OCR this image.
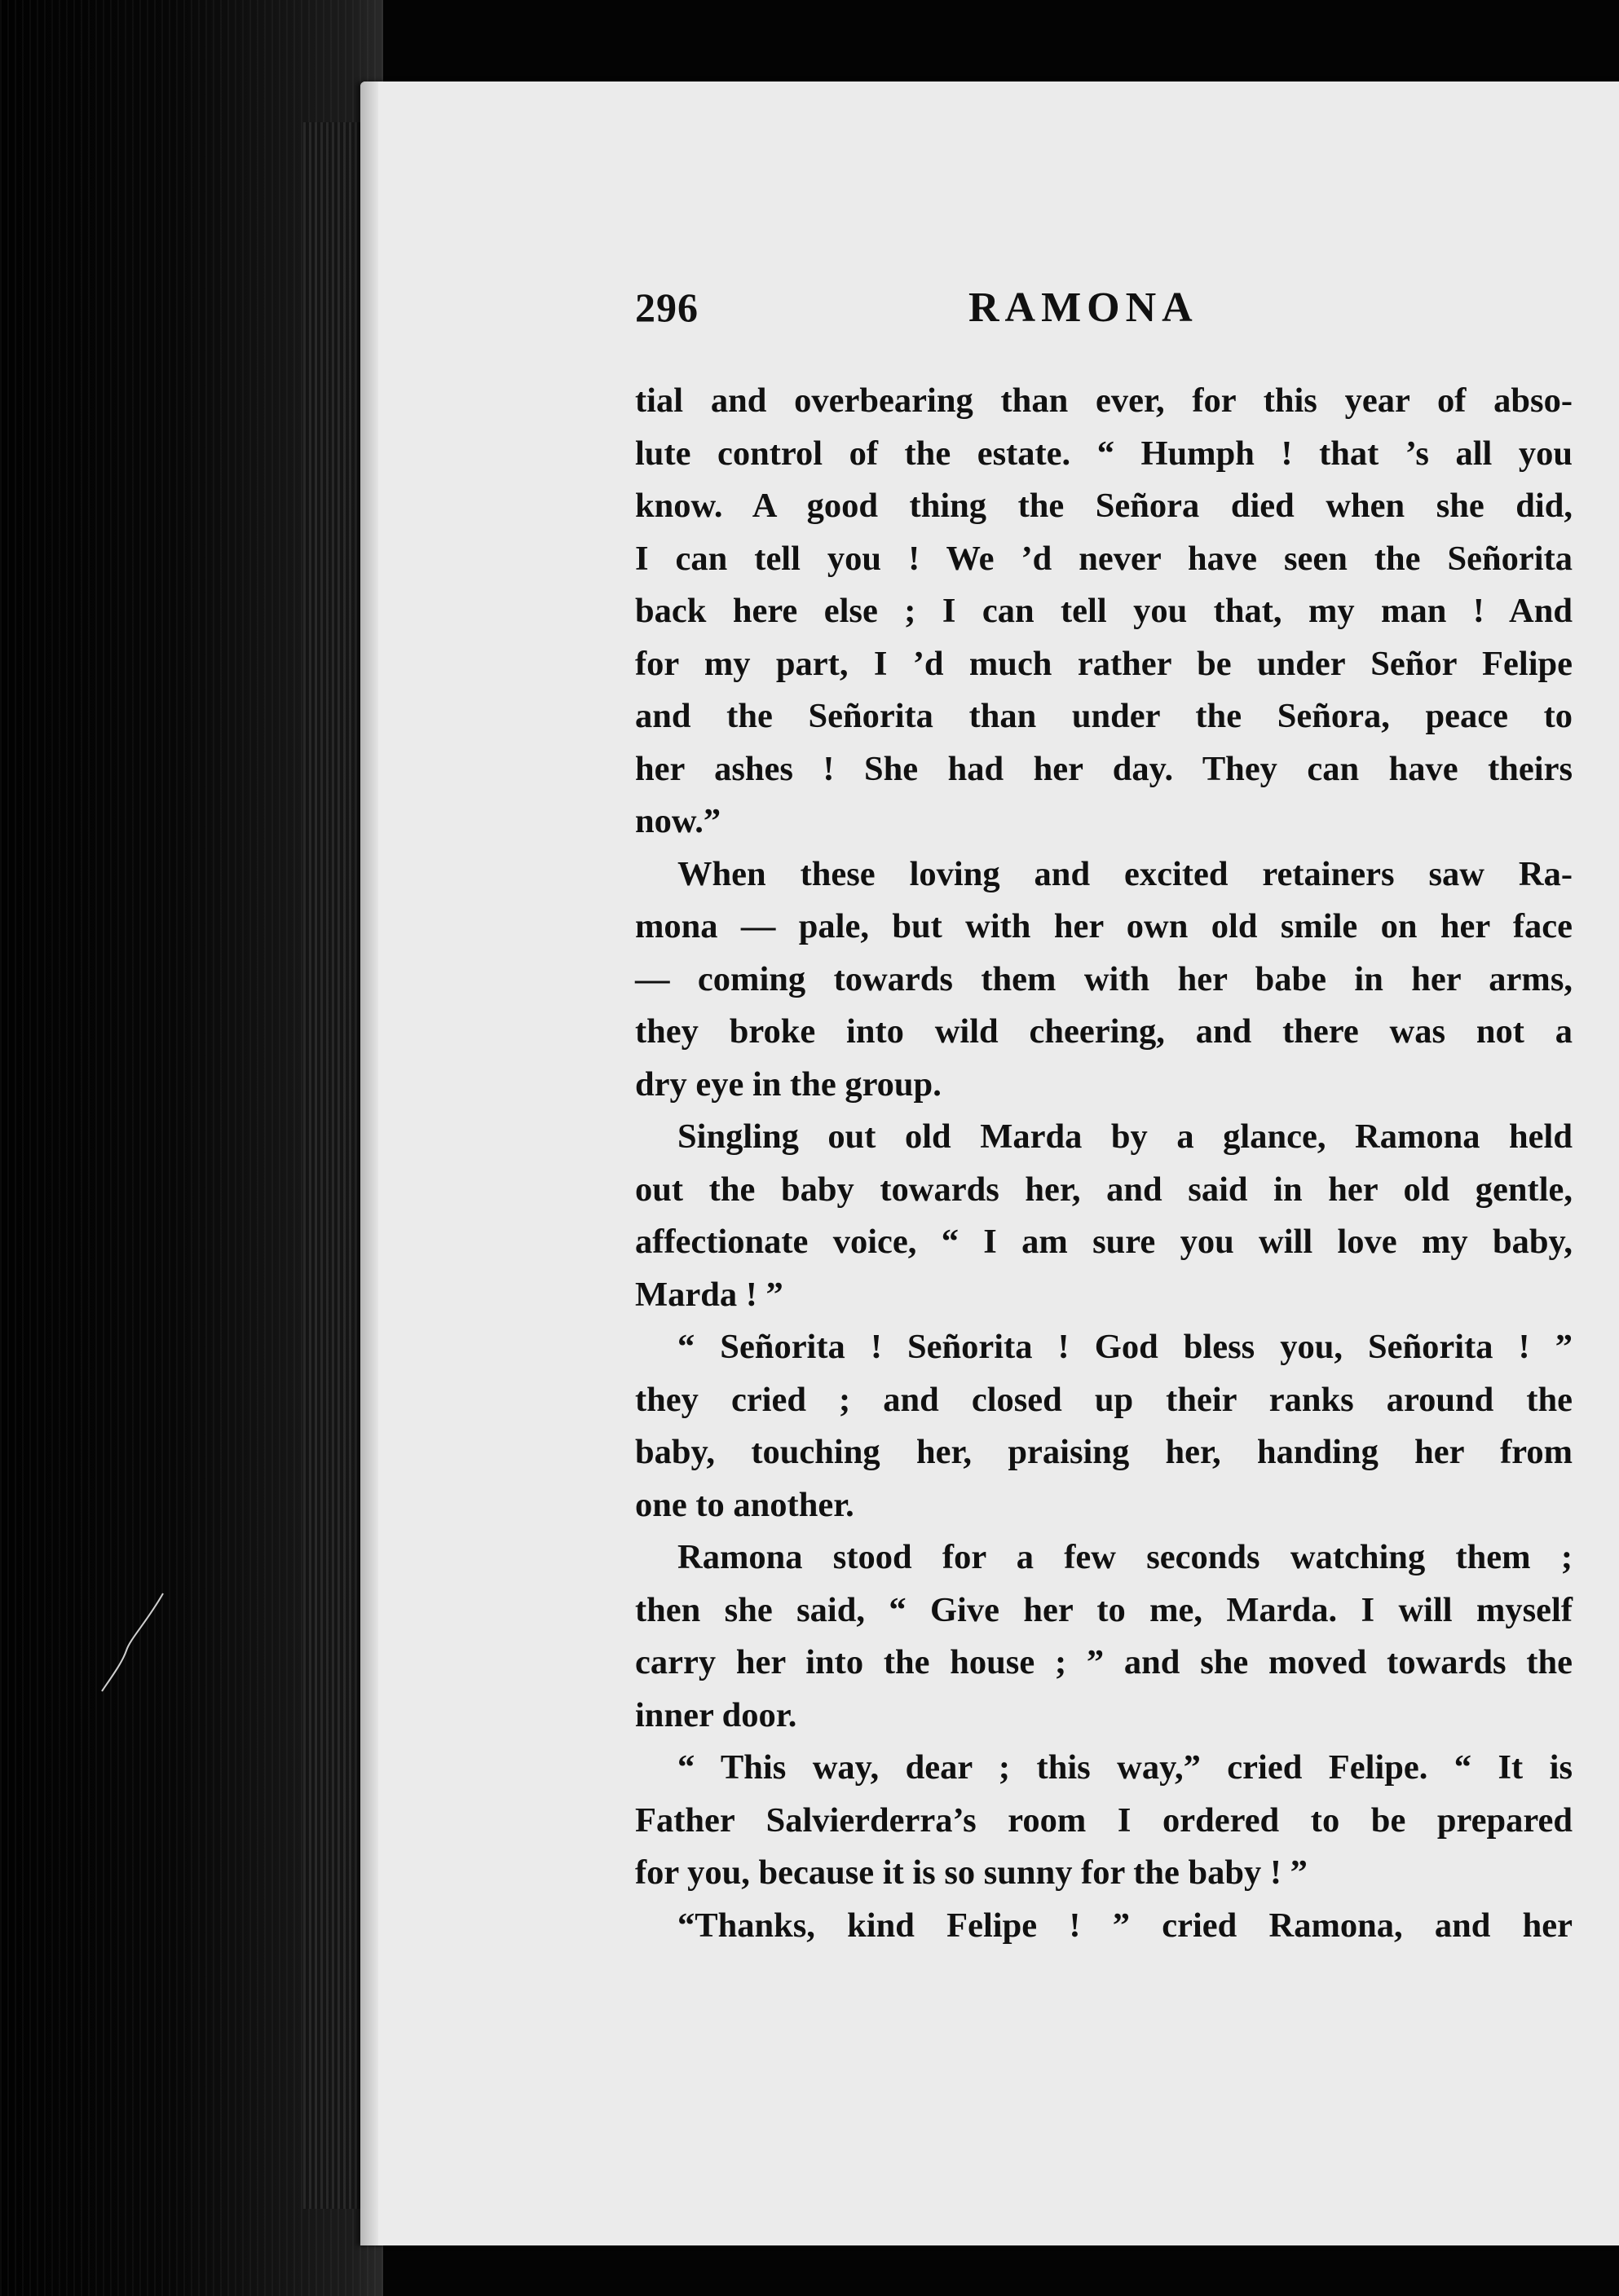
296	RAMONA
tial and overbearing than ever, for this year of abso-
lute control of the estate. “ Humph ! that ’s all you
know. A good thing the Señora died when she did,
I can tell you ! We ’d never have seen the Señorita
back here else ; I can tell you that, my man ! And
for my part, I ’d much rather be under Señor Felipe
and the Señorita than under the Señora, peace to
her ashes ! She had her day. They can have theirs
now.”
When these loving and excited retainers saw Ra-
mona — pale, but with her own old smile on her face
— coming towards them with her babe in her arms,
they broke into wild cheering, and there was not a
dry eye in the group.
Singling out old Marda by a glance, Ramona held
out the baby towards her, and said in her old gentle,
affectionate voice, “ I am sure you will love my baby,
Marda ! ”
“ Señorita ! Señorita ! God bless you, Señorita ! ”
they cried ; and closed up their ranks around the
baby, touching her, praising her, handing her from
one to another.
Ramona stood for a few seconds watching them ;
then she said, “ Give her to me, Marda. I will myself
carry her into the house ; ” and she moved towards the
inner door.
“ This way, dear ; this way,” cried Felipe. “ It is
Father Salvierderra’s room I ordered to be prepared
for you, because it is so sunny for the baby ! ”
“Thanks, kind Felipe ! ” cried Ramona, and her
